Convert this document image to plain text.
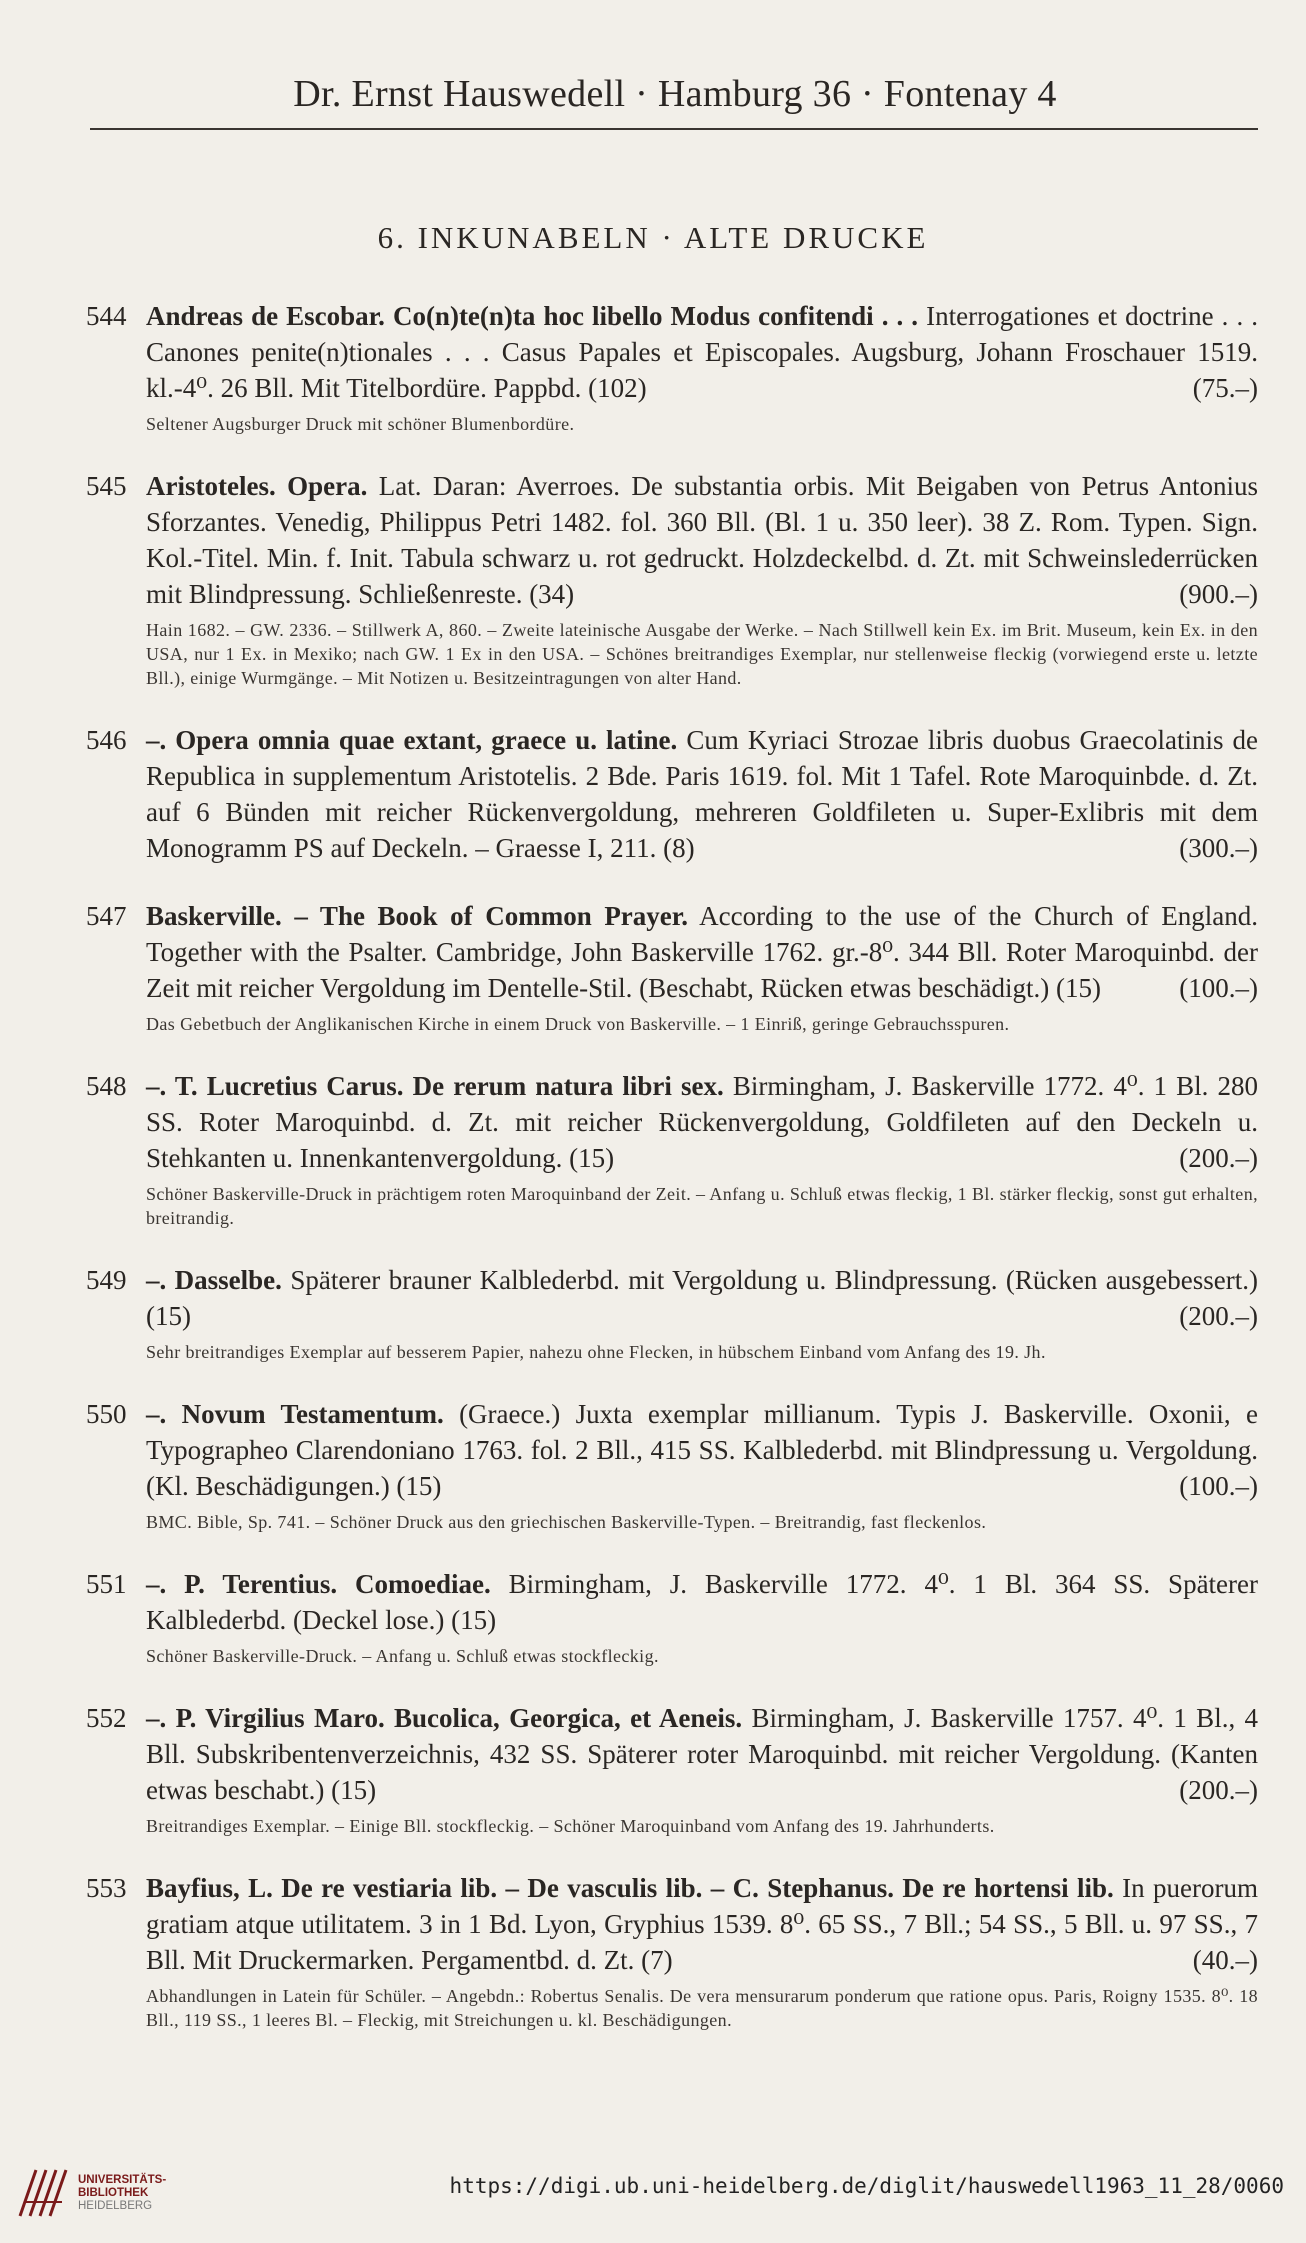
Dr. Ernst Hauswedell · Hamburg 36 · Fontenay 4
6. INKUNABELN · ALTE DRUCKE
544 Andreas de Escobar. Co(n)te(n)ta hoc libello Modus confitendi . . . Interrogationes et doctrine . . . Canones penite(n)tionales . . . Casus Papales et Episcopales. Augsburg, Johann Froschauer 1519. kl.-4⁰. 26 Bll. Mit Titelbordüre. Pappbd. (102)	(75.–)
Seltener Augsburger Druck mit schöner Blumenbordüre.
545 Aristoteles. Opera. Lat. Daran: Averroes. De substantia orbis. Mit Beigaben von Petrus Antonius Sforzantes. Venedig, Philippus Petri 1482. fol. 360 Bll. (Bl. 1 u. 350 leer). 38 Z. Rom. Typen. Sign. Kol.-Titel. Min. f. Init. Tabula schwarz u. rot gedruckt. Holzdeckelbd. d. Zt. mit Schweinslederrücken mit Blindpressung. Schließenreste. (34)	(900.–)
Hain 1682. – GW. 2336. – Stillwerk A, 860. – Zweite lateinische Ausgabe der Werke. – Nach Stillwell kein Ex. im Brit. Museum, kein Ex. in den USA, nur 1 Ex. in Mexiko; nach GW. 1 Ex in den USA. – Schönes breitrandiges Exemplar, nur stellenweise fleckig (vorwiegend erste u. letzte Bll.), einige Wurmgänge. – Mit Notizen u. Besitzeintragungen von alter Hand.
546 –. Opera omnia quae extant, graece u. latine. Cum Kyriaci Strozae libris duobus Graecolatinis de Republica in supplementum Aristotelis. 2 Bde. Paris 1619. fol. Mit 1 Tafel. Rote Maroquinbde. d. Zt. auf 6 Bünden mit reicher Rückenvergoldung, mehreren Goldfileten u. Super-Exlibris mit dem Monogramm PS auf Deckeln. – Graesse I, 211. (8)	(300.–)
547 Baskerville. – The Book of Common Prayer. According to the use of the Church of England. Together with the Psalter. Cambridge, John Baskerville 1762. gr.-8⁰. 344 Bll. Roter Maroquinbd. der Zeit mit reicher Vergoldung im Dentelle-Stil. (Beschabt, Rücken etwas beschädigt.) (15)	(100.–)
Das Gebetbuch der Anglikanischen Kirche in einem Druck von Baskerville. – 1 Einriß, geringe Gebrauchsspuren.
548 –. T. Lucretius Carus. De rerum natura libri sex. Birmingham, J. Baskerville 1772. 4⁰. 1 Bl. 280 SS. Roter Maroquinbd. d. Zt. mit reicher Rückenvergoldung, Goldfileten auf den Deckeln u. Stehkanten u. Innenkantenvergoldung. (15)	(200.–)
Schöner Baskerville-Druck in prächtigem roten Maroquinband der Zeit. – Anfang u. Schluß etwas fleckig, 1 Bl. stärker fleckig, sonst gut erhalten, breitrandig.
549 –. Dasselbe. Späterer brauner Kalblederbd. mit Vergoldung u. Blindpressung. (Rücken ausgebessert.) (15)	(200.–)
Sehr breitrandiges Exemplar auf besserem Papier, nahezu ohne Flecken, in hübschem Einband vom Anfang des 19. Jh.
550 –. Novum Testamentum. (Graece.) Juxta exemplar millianum. Typis J. Baskerville. Oxonii, e Typographeo Clarendoniano 1763. fol. 2 Bll., 415 SS. Kalblederbd. mit Blindpressung u. Vergoldung. (Kl. Beschädigungen.) (15)	(100.–)
BMC. Bible, Sp. 741. – Schöner Druck aus den griechischen Baskerville-Typen. – Breitrandig, fast fleckenlos.
551 –. P. Terentius. Comoediae. Birmingham, J. Baskerville 1772. 4⁰. 1 Bl. 364 SS. Späterer Kalblederbd. (Deckel lose.) (15)
Schöner Baskerville-Druck. – Anfang u. Schluß etwas stockfleckig.
552 –. P. Virgilius Maro. Bucolica, Georgica, et Aeneis. Birmingham, J. Baskerville 1757. 4⁰. 1 Bl., 4 Bll. Subskribentenverzeichnis, 432 SS. Späterer roter Maroquinbd. mit reicher Vergoldung. (Kanten etwas beschabt.) (15)	(200.–)
Breitrandiges Exemplar. – Einige Bll. stockfleckig. – Schöner Maroquinband vom Anfang des 19. Jahrhunderts.
553 Bayfius, L. De re vestiaria lib. – De vasculis lib. – C. Stephanus. De re hortensi lib. In puerorum gratiam atque utilitatem. 3 in 1 Bd. Lyon, Gryphius 1539. 8⁰. 65 SS., 7 Bll.; 54 SS., 5 Bll. u. 97 SS., 7 Bll. Mit Druckermarken. Pergamentbd. d. Zt. (7)	(40.–)
Abhandlungen in Latein für Schüler. – Angebdn.: Robertus Senalis. De vera mensurarum ponderum que ratione opus. Paris, Roigny 1535. 8⁰. 18 Bll., 119 SS., 1 leeres Bl. – Fleckig, mit Streichungen u. kl. Beschädigungen.
UNIVERSITÄTS-
BIBLIOTHEK
HEIDELBERG
https://digi.ub.uni-heidelberg.de/diglit/hauswedell1963_11_28/0060
